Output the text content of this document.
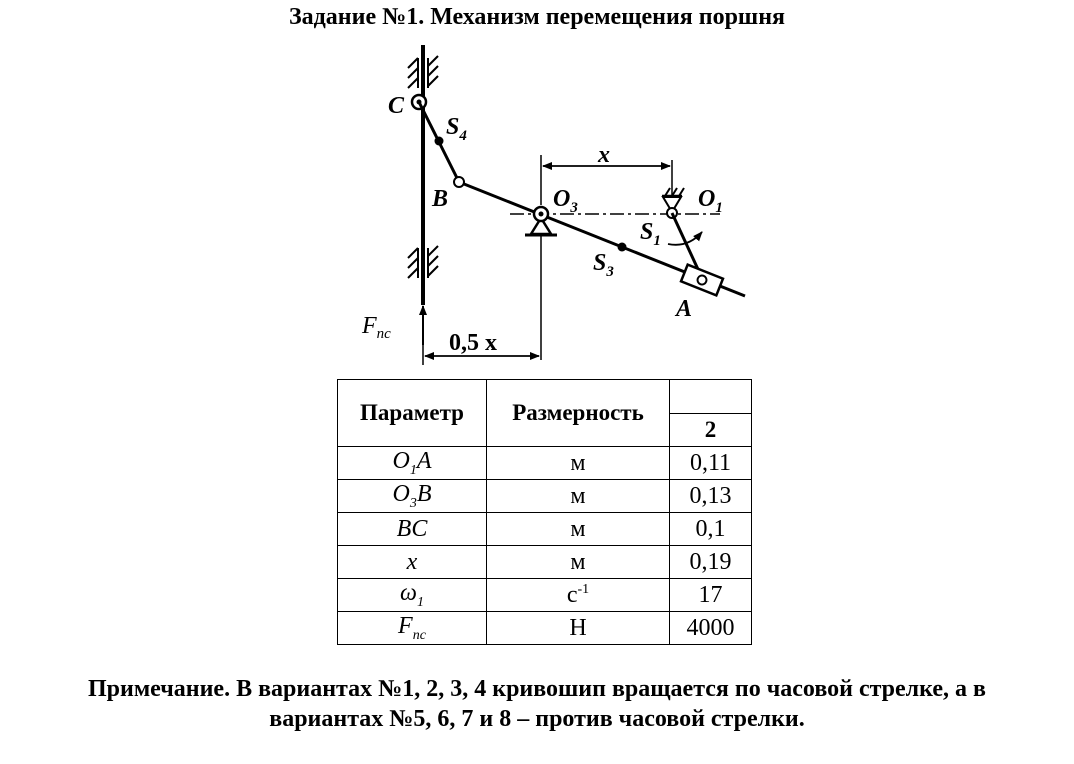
Задание №1. Механизм перемещения поршня
C
$S_4$
B	$O_3$
x
$O_1$
$S_1$
$S_3$
A
$F_{пс}$ 0,5 x
Параметр	Размерность	
		2
$O_1A$	м	0,11
$O_3B$	м	0,13
BC	м	0,1
x	м	0,19
$\omega_1$	$с^{-1}$	17
$F_{пс}$	Н	4000
Примечание. В вариантах №1, 2, 3, 4 кривошип вращается по часовой стрелке, а в
вариантах №5, 6, 7 и 8 – против часовой стрелки.
